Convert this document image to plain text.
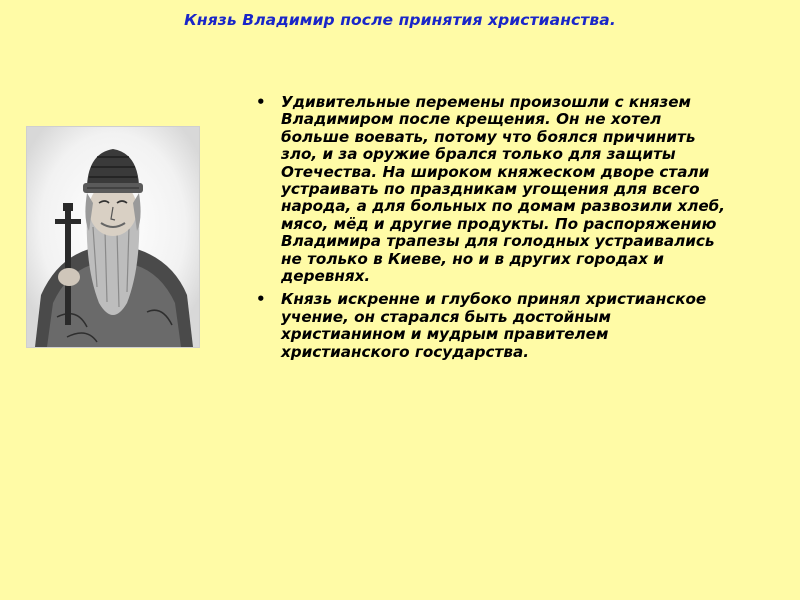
Князь Владимир после принятия христианства.
• Удивительные перемены произошли с князем Владимиром после крещения. Он не хотел больше воевать, потому что боялся причинить зло, и за оружие брался только для защиты Отечества. На широком княжеском дворе стали устраивать по праздникам угощения для всего народа, а для больных по домам развозили хлеб, мясо, мёд и другие продукты. По распоряжению Владимира трапезы для голодных устраивались не только в Киеве, но и в других городах и деревнях.
• Князь искренне и глубоко принял христианское учение, он старался быть достойным христианином и мудрым правителем христианского государства.
